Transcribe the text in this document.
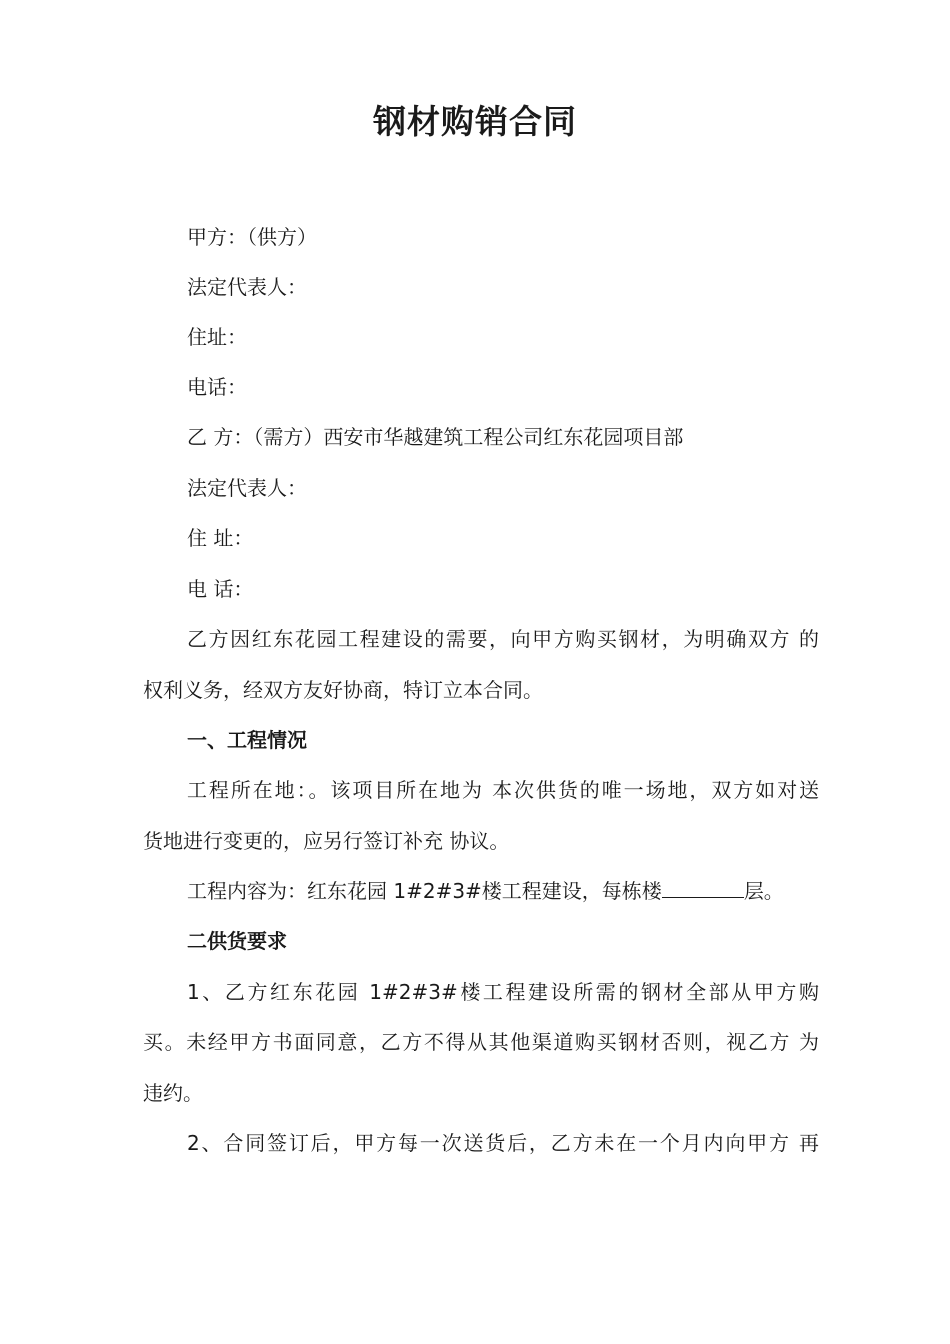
钢材购销合同
甲方：（供方）
法定代表人：
住址：
电话：
乙 方：（需方）西安市华越建筑工程公司红东花园项目部
法定代表人：
住 址：
电 话：
乙方因红东花园工程建设的需要，向甲方购买钢材，为明确双方 的
权利义务，经双方友好协商，特订立本合同。
一、工程情况
工程所在地：。该项目所在地为 本次供货的唯一场地，双方如对送
货地进行变更的，应另行签订补充 协议。
工程内容为：红东花园 1#2#3#楼工程建设，每栋楼	层。
二供货要求
1、乙方红东花园 1#2#3#楼工程建设所需的钢材全部从甲方购
买。未经甲方书面同意，乙方不得从其他渠道购买钢材否则，视乙方 为
违约。
2、合同签订后，甲方每一次送货后，乙方未在一个月内向甲方 再
